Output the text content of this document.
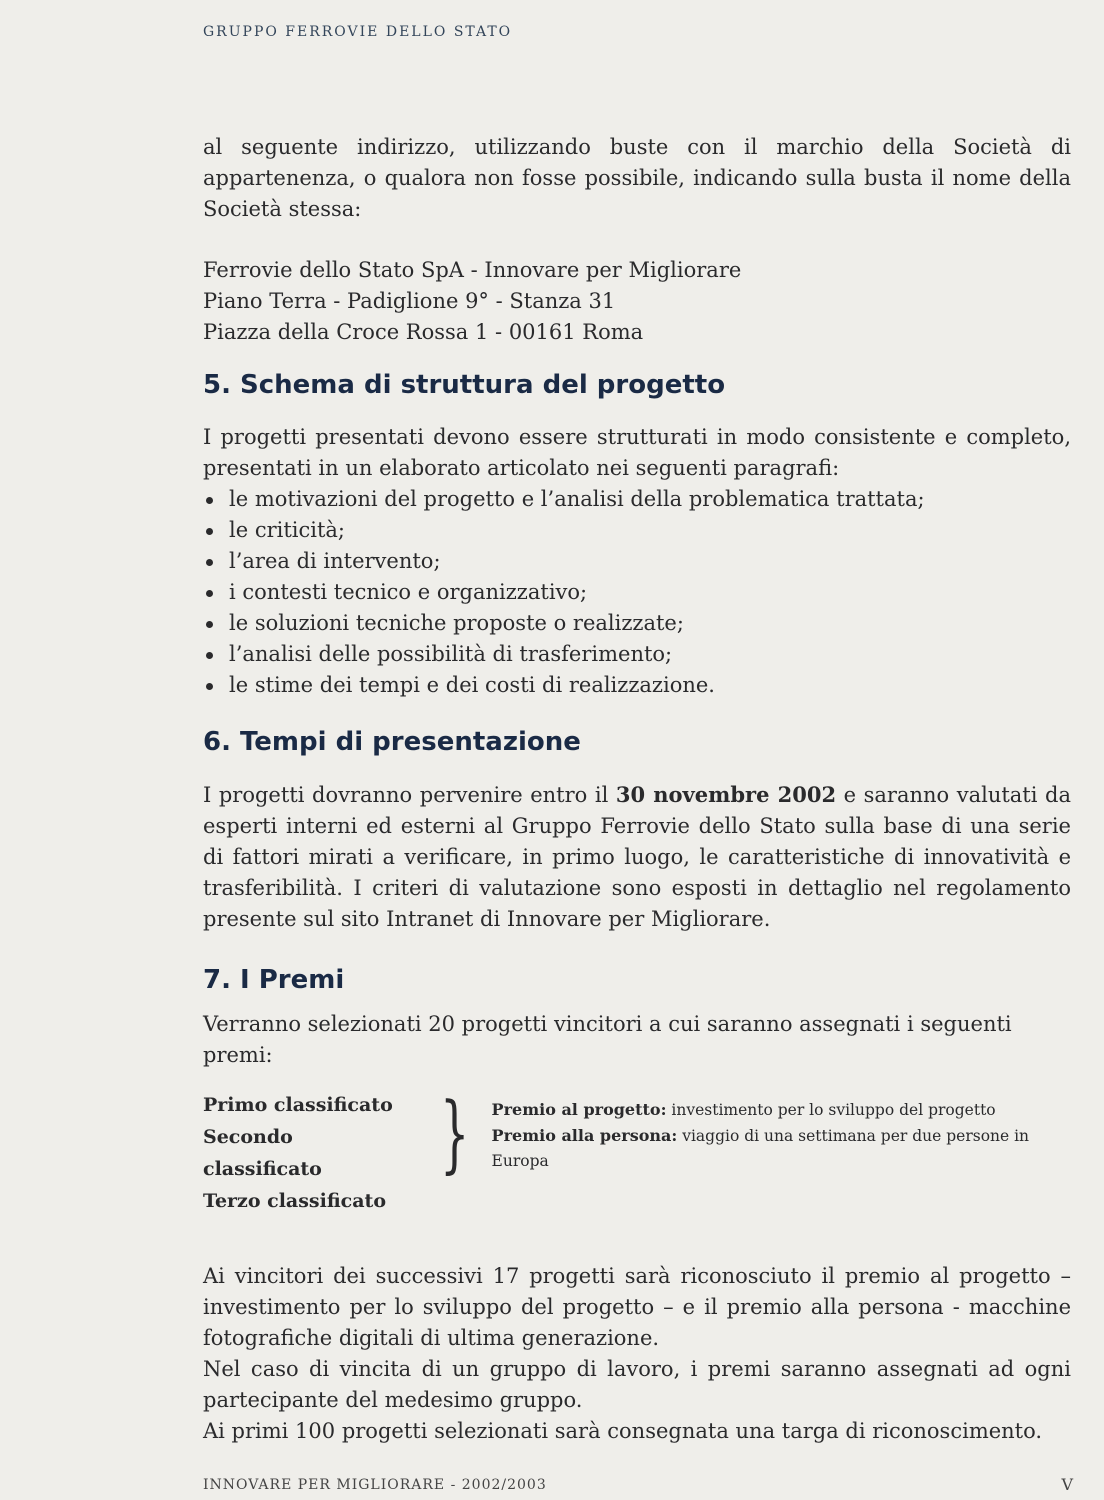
GRUPPO FERROVIE DELLO STATO

al seguente indirizzo, utilizzando buste con il marchio della Società di appartenenza, o qualora non fosse possibile, indicando sulla busta il nome della Società stessa:

Ferrovie dello Stato SpA - Innovare per Migliorare
Piano Terra - Padiglione 9° - Stanza 31
Piazza della Croce Rossa 1 - 00161 Roma
5. Schema di struttura del progetto

I progetti presentati devono essere strutturati in modo consistente e completo, presentati in un elaborato articolato nei seguenti paragrafi:

le motivazioni del progetto e l’analisi della problematica trattata;
le criticità;
l’area di intervento;
i contesti tecnico e organizzativo;
le soluzioni tecniche proposte o realizzate;
l’analisi delle possibilità di trasferimento;
le stime dei tempi e dei costi di realizzazione.
6. Tempi di presentazione

I progetti dovranno pervenire entro il 30 novembre 2002 e saranno valutati da esperti interni ed esterni al Gruppo Ferrovie dello Stato sulla base di una serie di fattori mirati a verificare, in primo luogo, le caratteristiche di innovatività e trasferibilità. I criteri di valutazione sono esposti in dettaglio nel regolamento presente sul sito Intranet di Innovare per Migliorare.

7. I Premi

Verranno selezionati 20 progetti vincitori a cui saranno assegnati i seguenti premi:

Primo classificato
Secondo classificato
Terzo classificato
} Premio al progetto: investimento per lo sviluppo del progetto
Premio alla persona: viaggio di una settimana per due persone in Europa

Ai vincitori dei successivi 17 progetti sarà riconosciuto il premio al progetto – investimento per lo sviluppo del progetto – e il premio alla persona - macchine fotografiche digitali di ultima generazione.

Nel caso di vincita di un gruppo di lavoro, i premi saranno assegnati ad ogni partecipante del medesimo gruppo.

Ai primi 100 progetti selezionati sarà consegnata una targa di riconoscimento.

INNOVARE PER MIGLIORARE - 2002/2003	V
